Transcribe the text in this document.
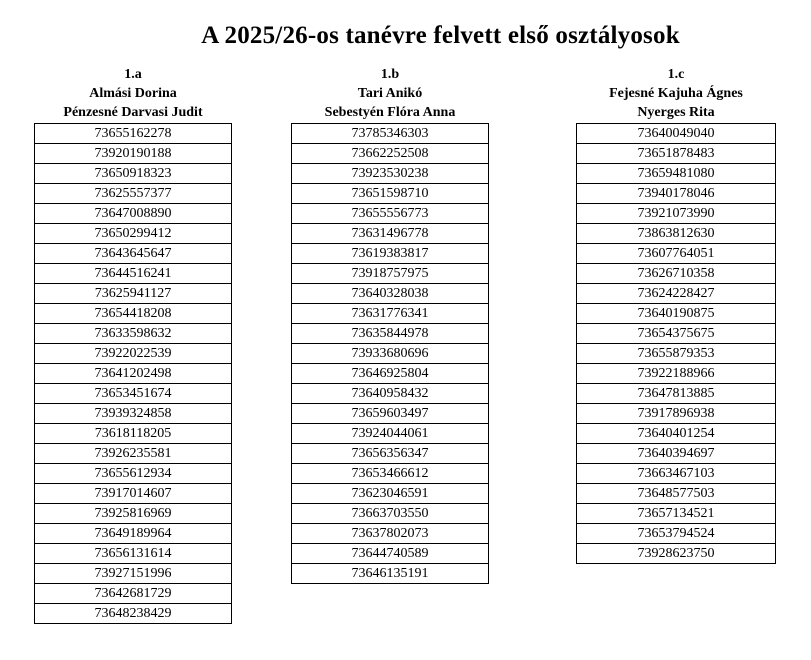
A 2025/26-os tanévre felvett első osztályosok
1.a
Almási Dorina
Pénzesné Darvasi Judit
73655162278
73920190188
73650918323
73625557377
73647008890
73650299412
73643645647
73644516241
73625941127
73654418208
73633598632
73922022539
73641202498
73653451674
73939324858
73618118205
73926235581
73655612934
73917014607
73925816969
73649189964
73656131614
73927151996
73642681729
73648238429
1.b
Tari Anikó
Sebestyén Flóra Anna
73785346303
73662252508
73923530238
73651598710
73655556773
73631496778
73619383817
73918757975
73640328038
73631776341
73635844978
73933680696
73646925804
73640958432
73659603497
73924044061
73656356347
73653466612
73623046591
73663703550
73637802073
73644740589
73646135191
1.c
Fejesné Kajuha Ágnes
Nyerges Rita
73640049040
73651878483
73659481080
73940178046
73921073990
73863812630
73607764051
73626710358
73624228427
73640190875
73654375675
73655879353
73922188966
73647813885
73917896938
73640401254
73640394697
73663467103
73648577503
73657134521
73653794524
73928623750
